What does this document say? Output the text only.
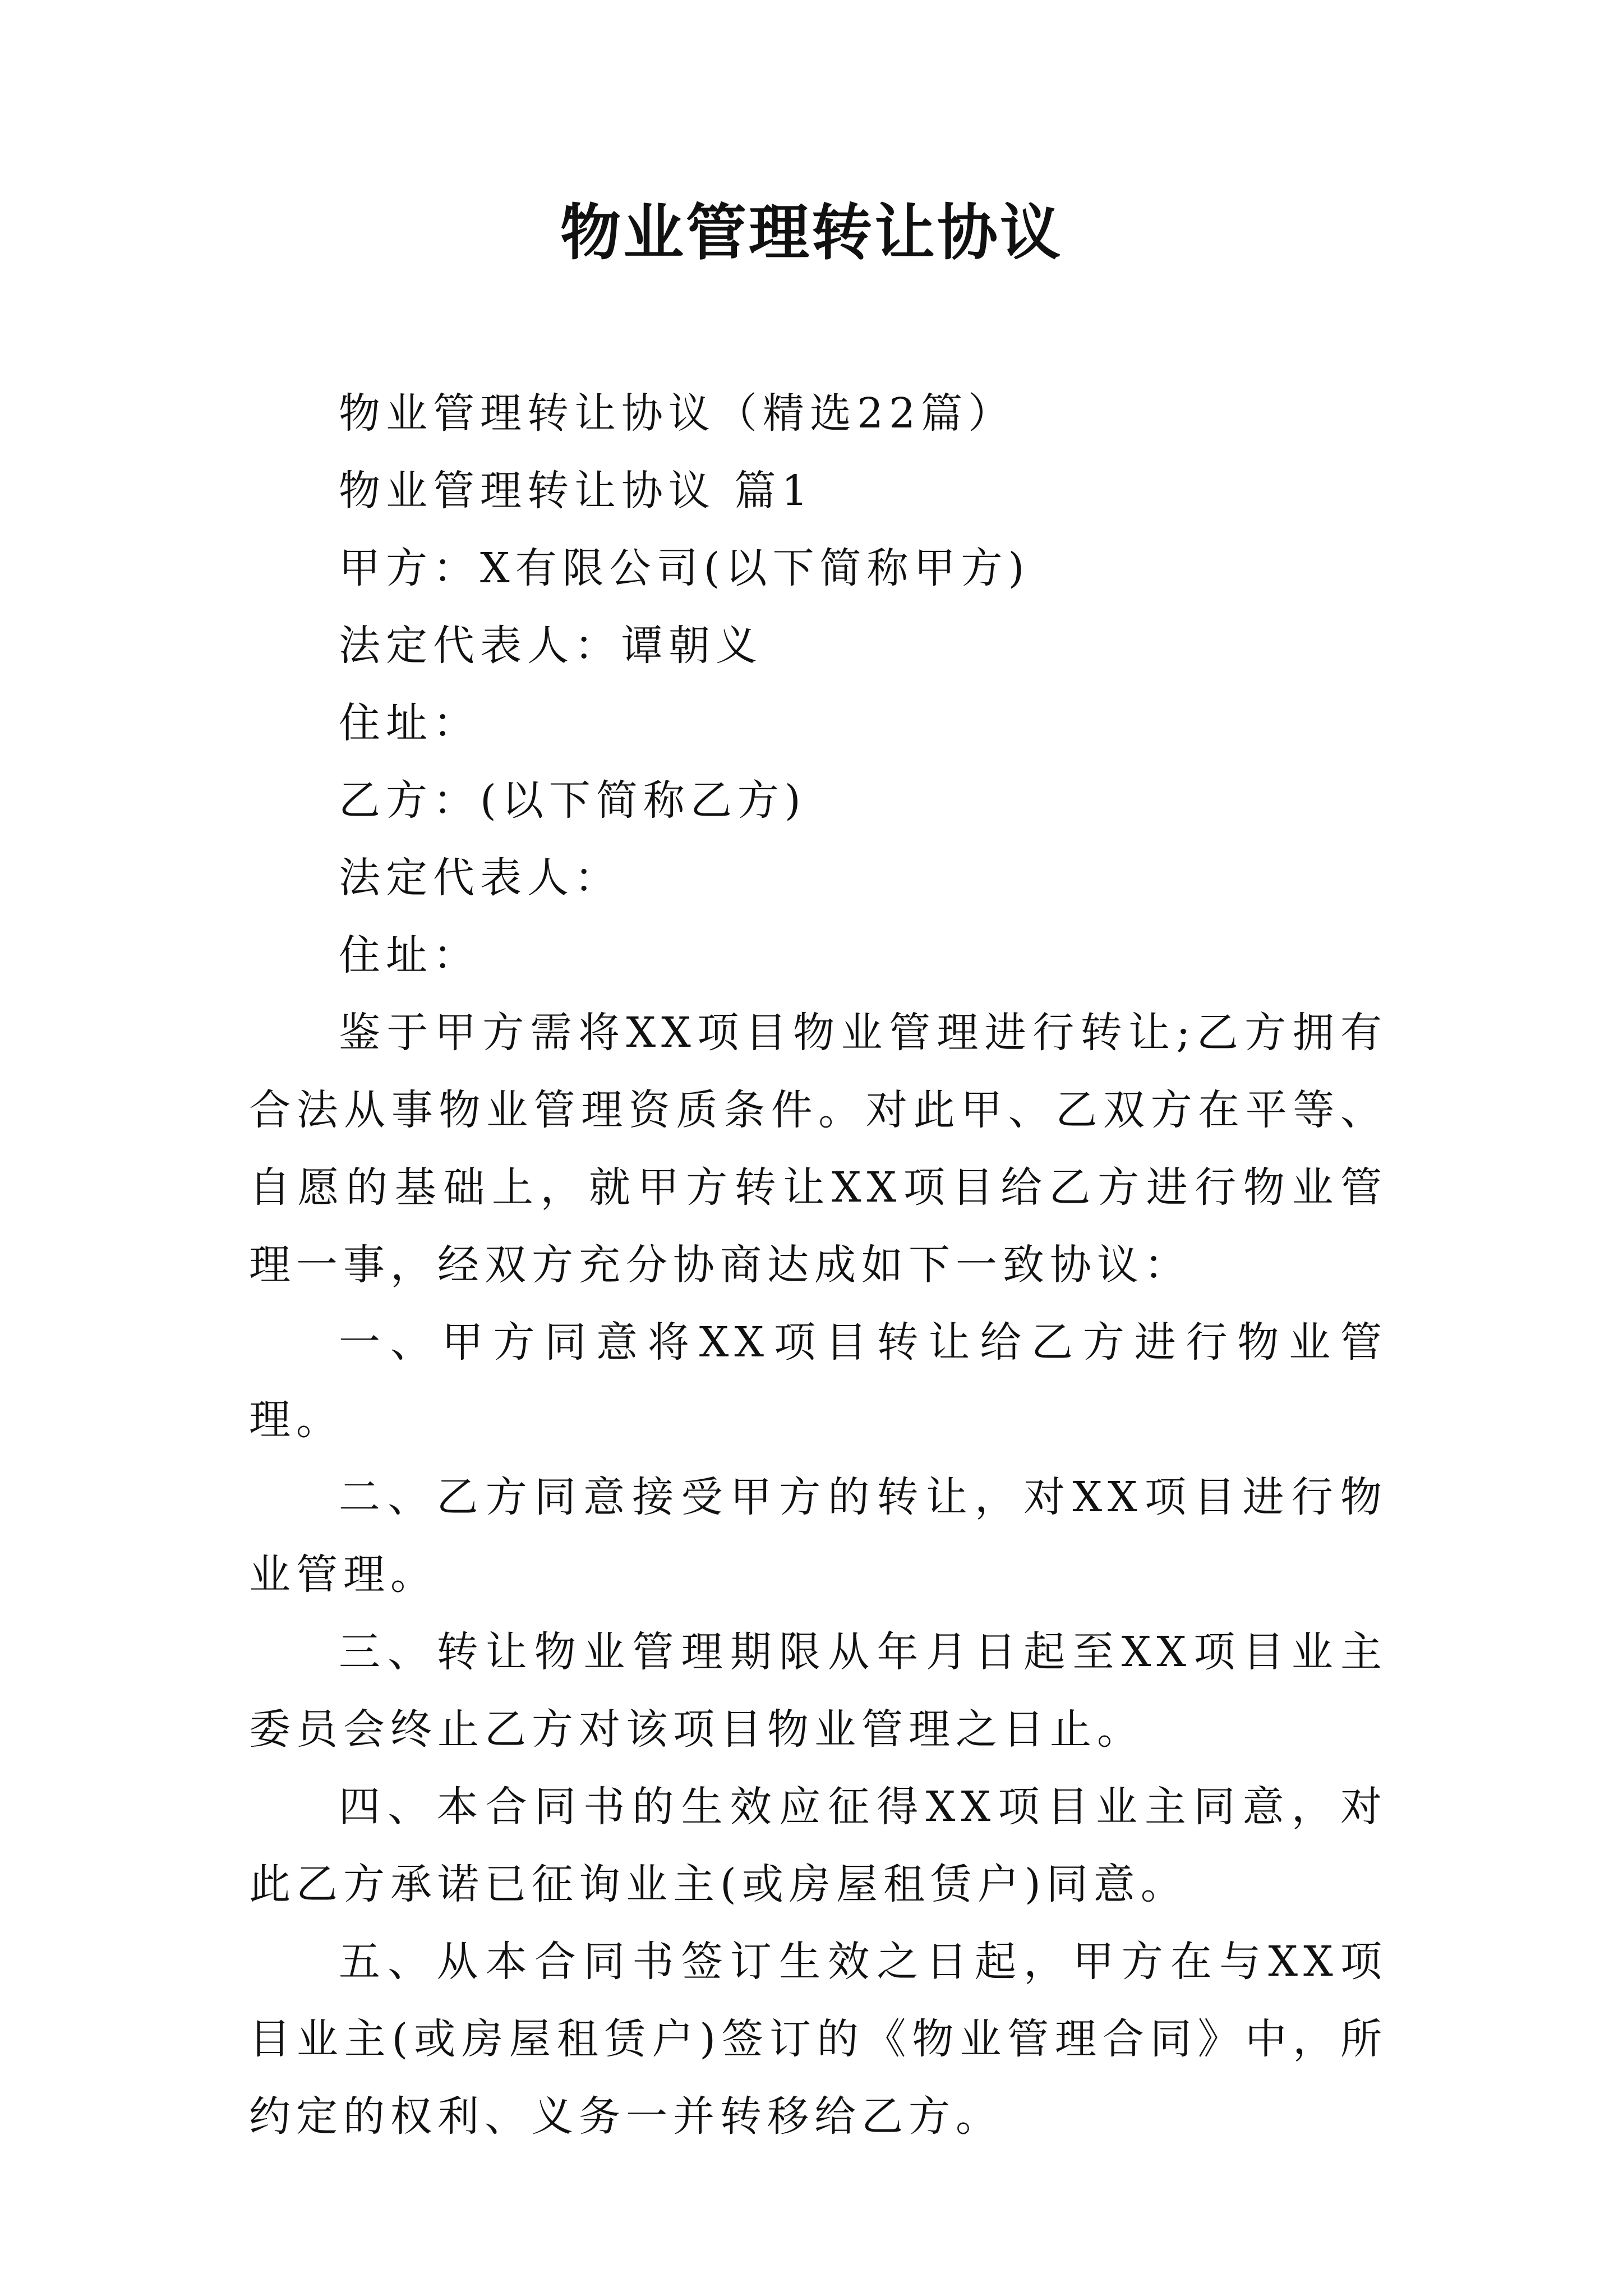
物业管理转让协议

物业管理转让协议（精选22篇）

物业管理转让协议 篇1

甲方：X有限公司(以下简称甲方)

法定代表人：谭朝义

住址：

乙方：(以下简称乙方)

法定代表人：

住址：

鉴于甲方需将XX项目物业管理进行转让;乙方拥有合法从事物业管理资质条件。对此甲、乙双方在平等、自愿的基础上，就甲方转让XX项目给乙方进行物业管理一事，经双方充分协商达成如下一致协议：

一、甲方同意将XX项目转让给乙方进行物业管理。

二、乙方同意接受甲方的转让，对XX项目进行物业管理。

三、转让物业管理期限从年月日起至XX项目业主委员会终止乙方对该项目物业管理之日止。

四、本合同书的生效应征得XX项目业主同意，对此乙方承诺已征询业主(或房屋租赁户)同意。

五、从本合同书签订生效之日起，甲方在与XX项目业主(或房屋租赁户)签订的《物业管理合同》中，所约定的权利、义务一并转移给乙方。
